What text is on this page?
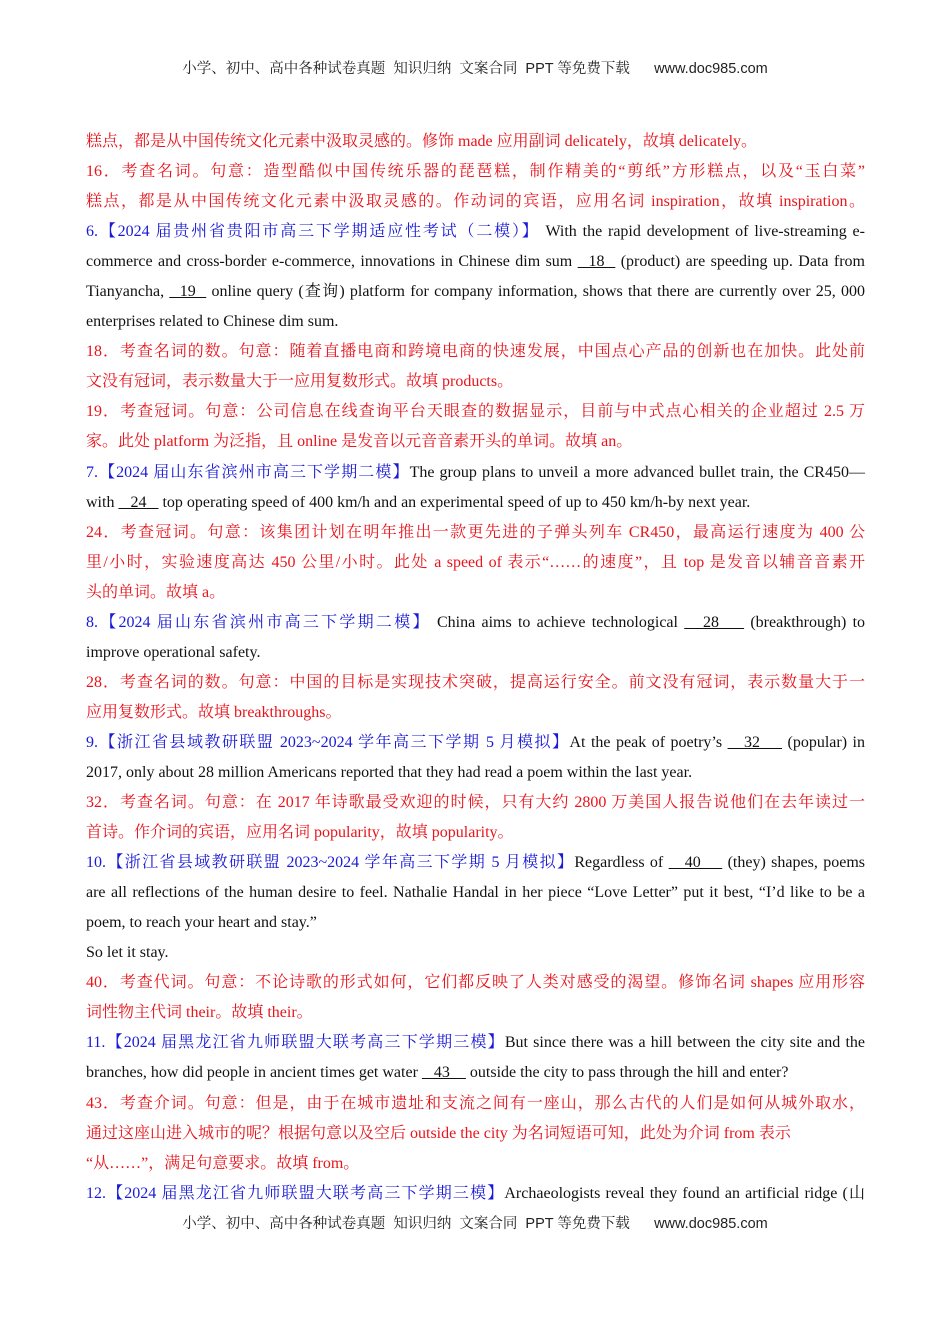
小学、初中、高中各种试卷真题  知识归纳  文案合同  PPT 等免费下载      www.doc985.com
糕点，都是从中国传统文化元素中汲取灵感的。修饰 made 应用副词 delicately，故填 delicately。
16．考查名词。句意：造型酷似中国传统乐器的琵琶糕，制作精美的“剪纸”方形糕点，以及“玉白菜”
糕点，都是从中国传统文化元素中汲取灵感的。作动词的宾语，应用名词 inspiration，故填 inspiration。
6.【2024 届贵州省贵阳市高三下学期适应性考试（二模）】 With the rapid development of live-streaming e-
commerce and cross-border e-commerce, innovations in Chinese dim sum   18   (product) are speeding up. Data from
Tianyancha,   19   online query (查询) platform for company information, shows that there are currently over 25, 000
enterprises related to Chinese dim sum.
18．考查名词的数。句意：随着直播电商和跨境电商的快速发展，中国点心产品的创新也在加快。此处前
文没有冠词，表示数量大于一应用复数形式。故填 products。
19．考查冠词。句意：公司信息在线查询平台天眼查的数据显示，目前与中式点心相关的企业超过 2.5 万
家。此处 platform 为泛指，且 online 是发音以元音音素开头的单词。故填 an。
7.【2024 届山东省滨州市高三下学期二模】The group plans to unveil a more advanced bullet train, the CR450—
with    24    top operating speed of 400 km/h and an experimental speed of up to 450 km/h-by next year.
24．考查冠词。句意：该集团计划在明年推出一款更先进的子弹头列车 CR450，最高运行速度为 400 公
里/小时，实验速度高达 450 公里/小时。此处 a speed of 表示“……的速度”，且 top 是发音以辅音音素开
头的单词。故填 a。
8.【2024 届山东省滨州市高三下学期二模】 China aims to achieve technological    28     (breakthrough) to
improve operational safety.
28．考查名词的数。句意：中国的目标是实现技术突破，提高运行安全。前文没有冠词，表示数量大于一
应用复数形式。故填 breakthroughs。
9.【浙江省县域教研联盟 2023~2024 学年高三下学期 5 月模拟】At the peak of poetry’s    32     (popular) in
2017, only about 28 million Americans reported that they had read a poem within the last year.
32．考查名词。句意：在 2017 年诗歌最受欢迎的时候，只有大约 2800 万美国人报告说他们在去年读过一
首诗。作介词的宾语，应用名词 popularity，故填 popularity。
10.【浙江省县域教研联盟 2023~2024 学年高三下学期 5 月模拟】Regardless of    40     (they) shapes, poems
are all reflections of the human desire to feel. Nathalie Handal in her piece “Love Letter” put it best, “I’d like to be a
poem, to reach your heart and stay.”
So let it stay.
40．考查代词。句意：不论诗歌的形式如何，它们都反映了人类对感受的渴望。修饰名词 shapes 应用形容
词性物主代词 their。故填 their。
11.【2024 届黑龙江省九师联盟大联考高三下学期三模】But since there was a hill between the city site and the
branches, how did people in ancient times get water    43     outside the city to pass through the hill and enter?
43．考查介词。句意：但是，由于在城市遗址和支流之间有一座山，那么古代的人们是如何从城外取水，
通过这座山进入城市的呢？根据句意以及空后 outside the city 为名词短语可知，此处为介词 from 表示
“从……”，满足句意要求。故填 from。
12.【2024 届黑龙江省九师联盟大联考高三下学期三模】Archaeologists reveal they found an artificial ridge (山
小学、初中、高中各种试卷真题  知识归纳  文案合同  PPT 等免费下载      www.doc985.com
